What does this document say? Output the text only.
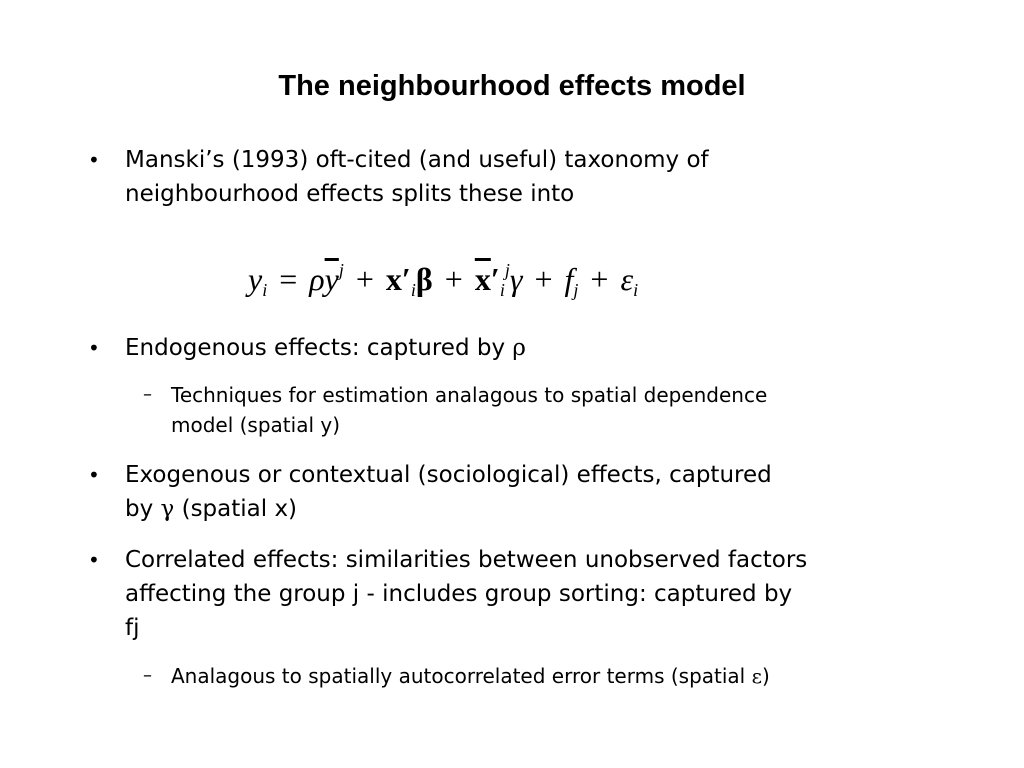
The neighbourhood effects model
• Manski’s (1993) oft-cited (and useful) taxonomy of
neighbourhood effects splits these into
$y_i = \rho\overline{y}^j + x'_i\beta + \overline{x}'_i^j\gamma + f_j + \varepsilon_i$
• Endogenous effects: captured by ρ
– Techniques for estimation analagous to spatial dependence
model (spatial y)
• Exogenous or contextual (sociological) effects, captured
by γ (spatial x)
• Correlated effects: similarities between unobserved factors
affecting the group j - includes group sorting: captured by
fj
– Analagous to spatially autocorrelated error terms (spatial ε)
